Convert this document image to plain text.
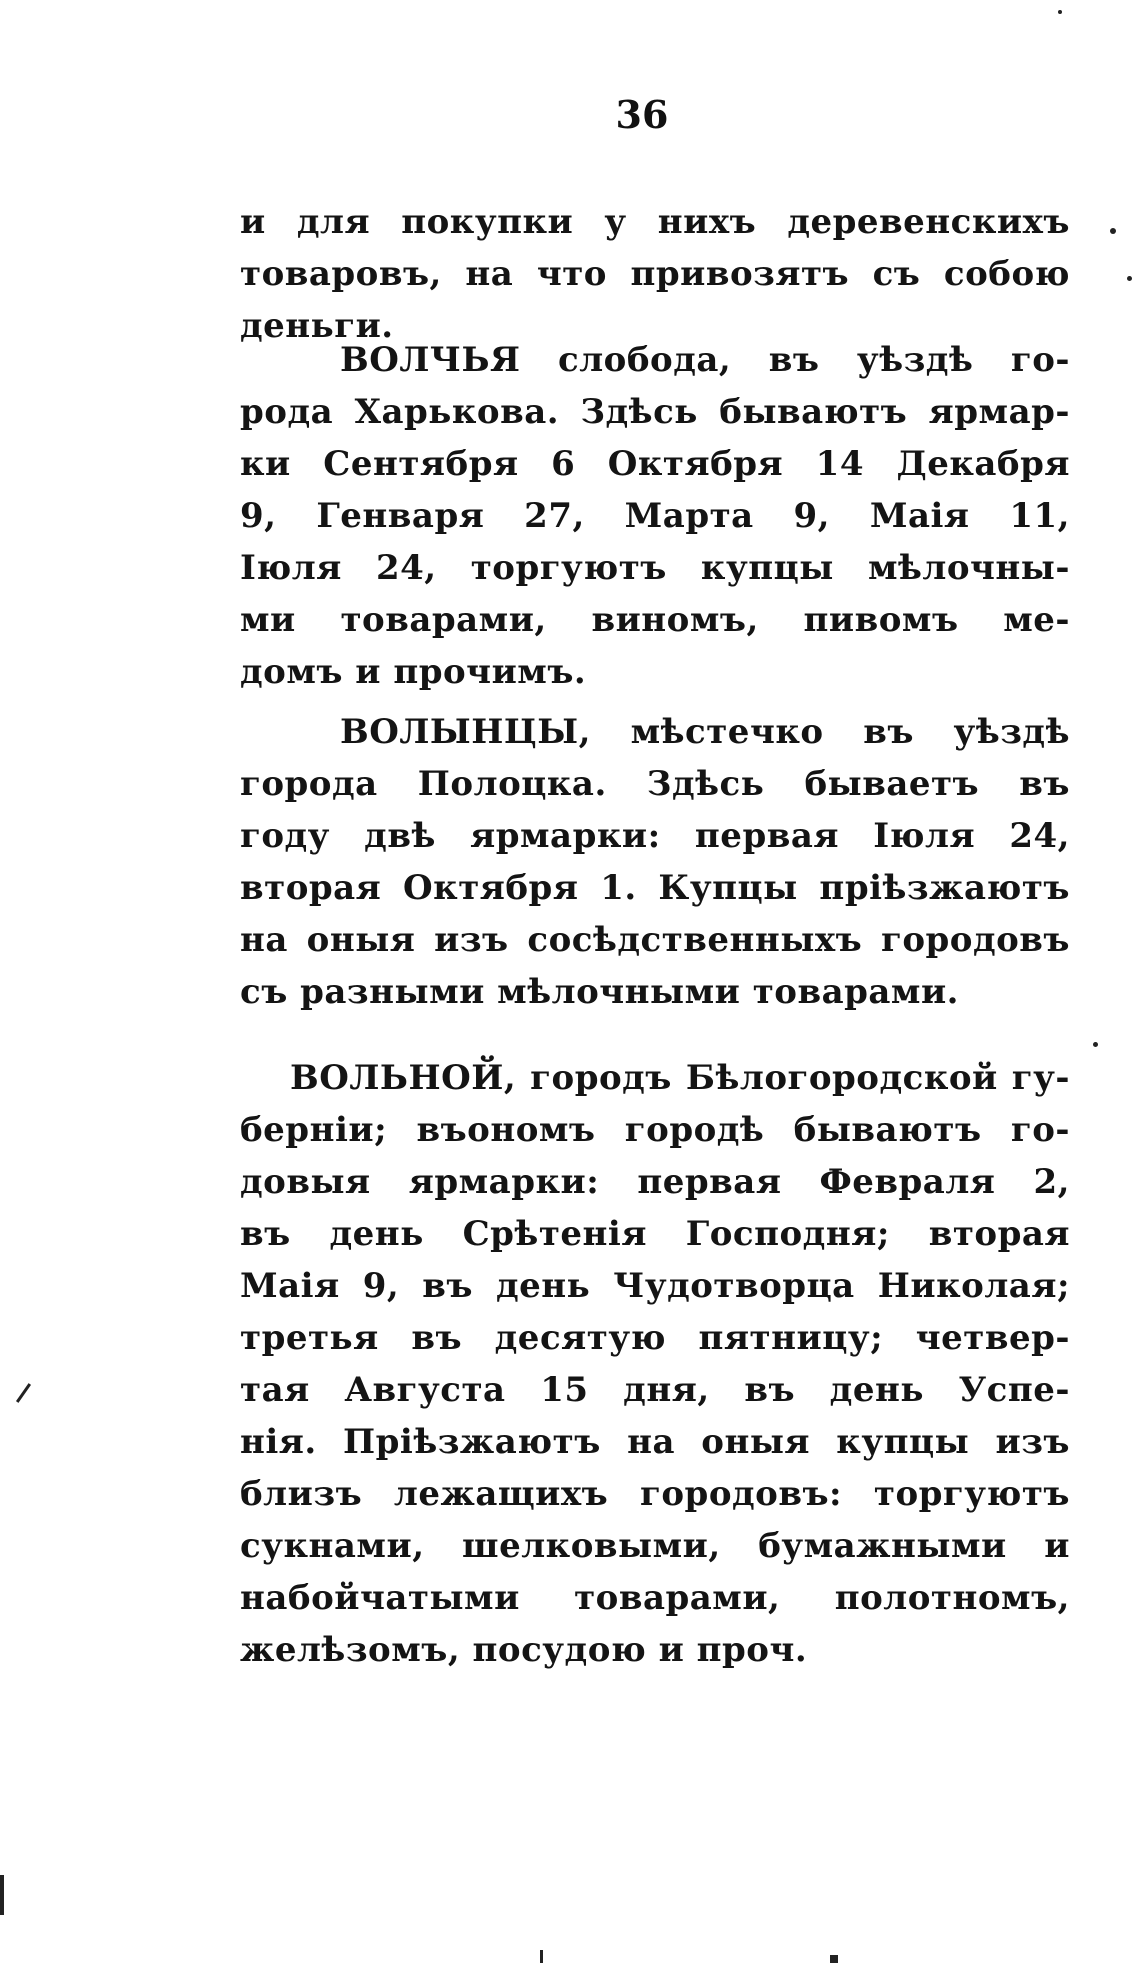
36
и для покупки у нихъ деревенскихъ
товаровъ, на что привозятъ съ собою
деньги.
ВОЛЧЬЯ слобода, въ уѣздѣ го-
рода Харькова. Здѣсь бываютъ ярмар-
ки Сентября 6 Октября 14 Декабря
9, Генваря 27, Марта 9, Маія 11,
Іюля 24, торгуютъ купцы мѣлочны-
ми товарами, виномъ, пивомъ ме-
домъ и прочимъ.
ВОЛЫНЦЫ, мѣстечко въ уѣздѣ
города Полоцка. Здѣсь бываетъ въ
году двѣ ярмарки: первая Іюля 24,
вторая Октября 1. Купцы пріѣзжаютъ
на оныя изъ сосѣдственныхъ городовъ
съ разными мѣлочными товарами.
ВОЛЬНОЙ, городъ Бѣлогородской гу-
берніи; въономъ городѣ бываютъ го-
довыя ярмарки: первая Февраля 2,
въ день Срѣтенія Господня; вторая
Маія 9, въ день Чудотворца Николая;
третья въ десятую пятницу; четвер-
тая Августа 15 дня, въ день Успе-
нія. Пріѣзжаютъ на оныя купцы изъ
близъ лежащихъ городовъ: торгуютъ
сукнами, шелковыми, бумажными и
набойчатыми товарами, полотномъ,
желѣзомъ, посудою и проч.
